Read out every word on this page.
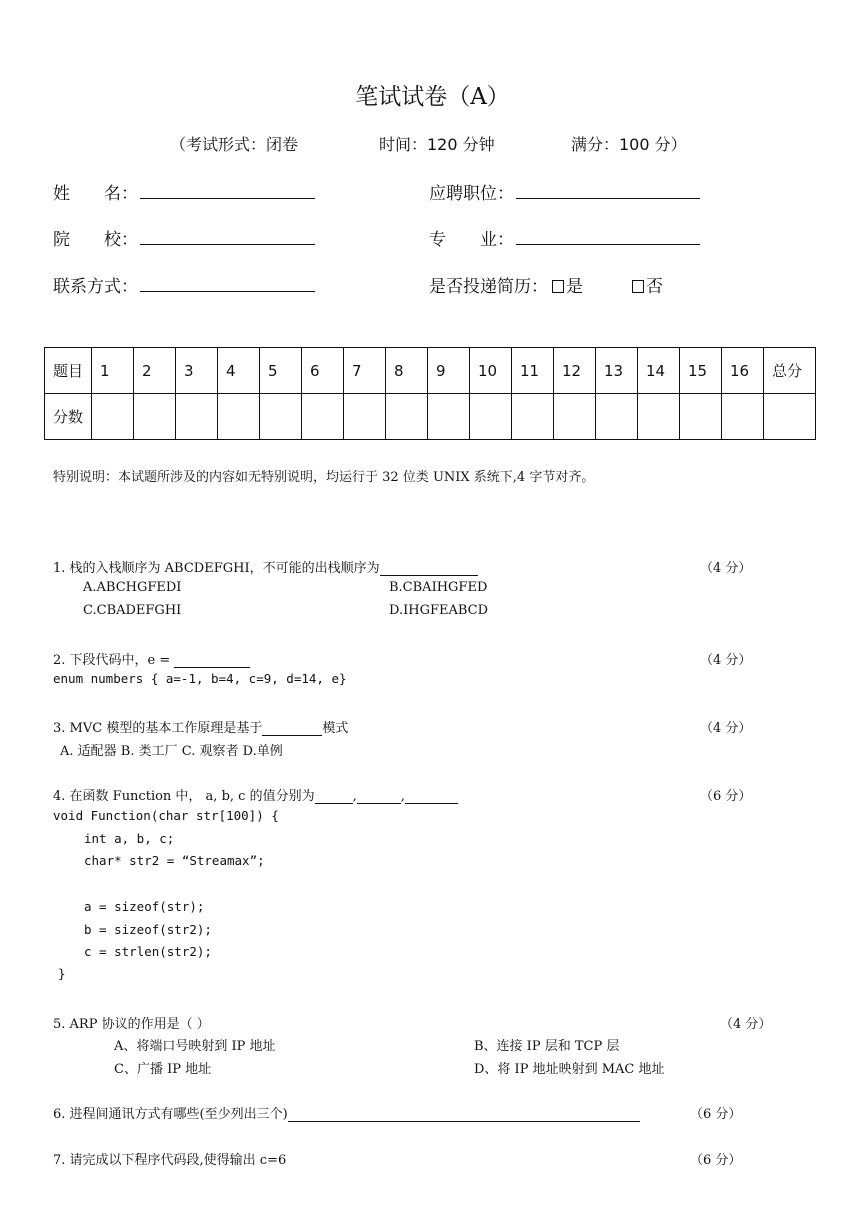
笔试试卷（A）
（考试形式：闭卷	时间：120 分钟	满分：100 分）
姓　　名：	应聘职位：
院　　校：	专　　业：
联系方式：	是否投递简历：	是	否
题目	1	2	3	4	5	6	7	8	9	10	11	12	13	14	15	16	总分
分数																	
特别说明：本试题所涉及的内容如无特别说明，均运行于 32 位类 UNIX 系统下,4 字节对齐。
1. 栈的入栈顺序为 ABCDEFGHI，不可能的出栈顺序为	（4 分）
A.ABCHGFEDI	B.CBAIHGFED
C.CBADEFGHI	D.IHGFEABCD
2. 下段代码中，e =	（4 分）
enum numbers { a=-1, b=4, c=9, d=14, e}
3. MVC 模型的基本工作原理是基于	模式	（4 分）
A. 适配器 B. 类工厂 C. 观察者 D.单例
4. 在函数 Function 中， a, b, c 的值分别为	,	,	（6 分）
void Function(char str[100]) {
int a, b, c;
char* str2 = “Streamax”;
a = sizeof(str);
b = sizeof(str2);
c = strlen(str2);
}
5. ARP 协议的作用是（ ）	（4 分）
A、将端口号映射到 IP 地址	B、连接 IP 层和 TCP 层
C、广播 IP 地址	D、将 IP 地址映射到 MAC 地址
6. 进程间通讯方式有哪些(至少列出三个)	（6 分）
7. 请完成以下程序代码段,使得输出 c=6	（6 分）
